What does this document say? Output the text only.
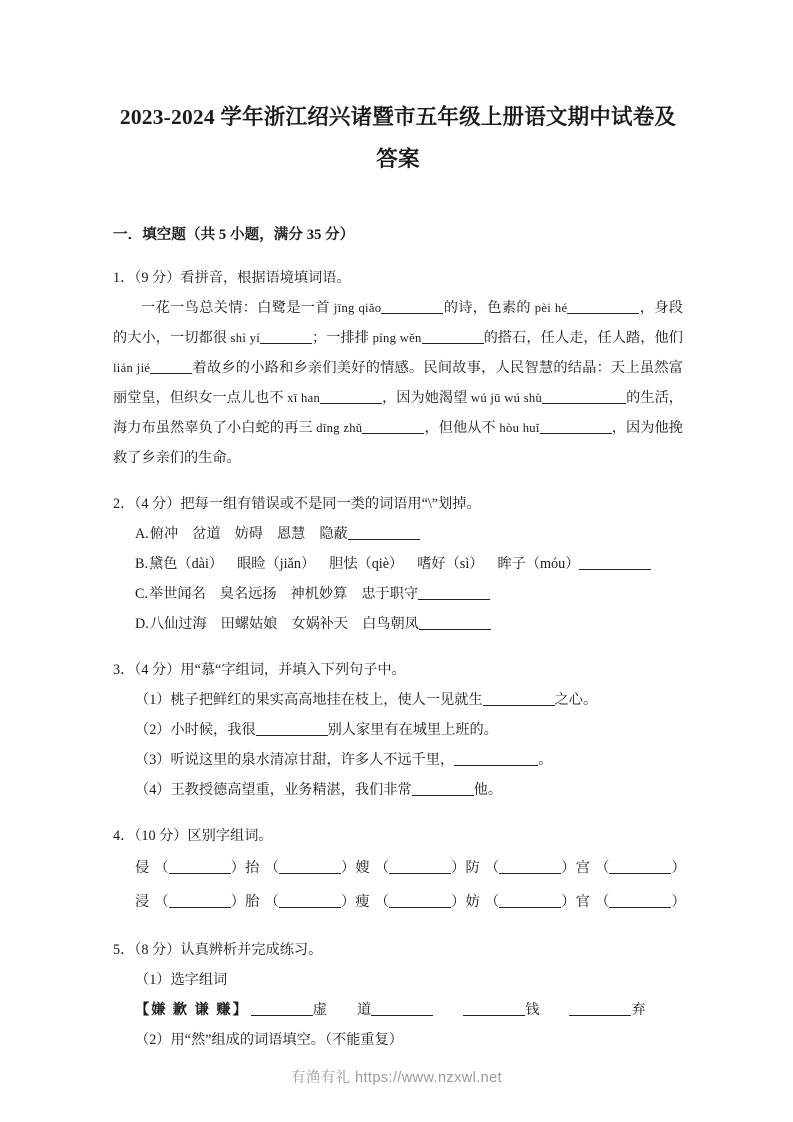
2023-2024 学年浙江绍兴诸暨市五年级上册语文期中试卷及答案
一．填空题（共 5 小题，满分 35 分）
1．（9 分）看拼音，根据语境填词语。
一花一鸟总关情：白鹭是一首 jīng qiǎo	的诗，色素的 pèi hé	，身段的大小，一切都很 shì yí	；一排排 píng wěn	的搭石，任人走，任人踏，他们 lián jié	着故乡的小路和乡亲们美好的情感。民间故事，人民智慧的结晶：天上虽然富丽堂皇，但织女一点儿也不 xī han	，因为她渴望 wú jū wú shù	的生活，海力布虽然辜负了小白蛇的再三 dīng zhǔ	，但他从不 hòu huǐ	，因为他挽救了乡亲们的生命。
2．（4 分）把每一组有错误或不是同一类的词语用“\”划掉。
A.俯冲 岔道 妨碍 恩慧 隐蔽
B.黛色（dài） 眼睑（jiǎn） 胆怯（qiè） 嗜好（sì） 眸子（móu）
C.举世闻名 臭名远扬 神机妙算 忠于职守
D.八仙过海 田螺姑娘 女娲补天 白鸟朝凤
3．（4 分）用“慕“字组词，并填入下列句子中。
（1）桃子把鲜红的果实高高地挂在枝上，使人一见就生	之心。
（2）小时候，我很	别人家里有在城里上班的。
（3）听说这里的泉水清凉甘甜，许多人不远千里，	。
（4）王教授德高望重，业务精湛，我们非常	他。
4．（10 分）区别字组词。
侵 （	）抬 （	）嫂 （	）防 （	）宫 （	）
浸 （	）胎 （	）瘦 （	）妨 （	）官 （	）
5．（8 分）认真辨析并完成练习。
（1）选字组词
【嫌 歉 谦 赚】	虚 道	钱	弃
（2）用“然”组成的词语填空。（不能重复）
有渔有礼 https://www.nzxwl.net
